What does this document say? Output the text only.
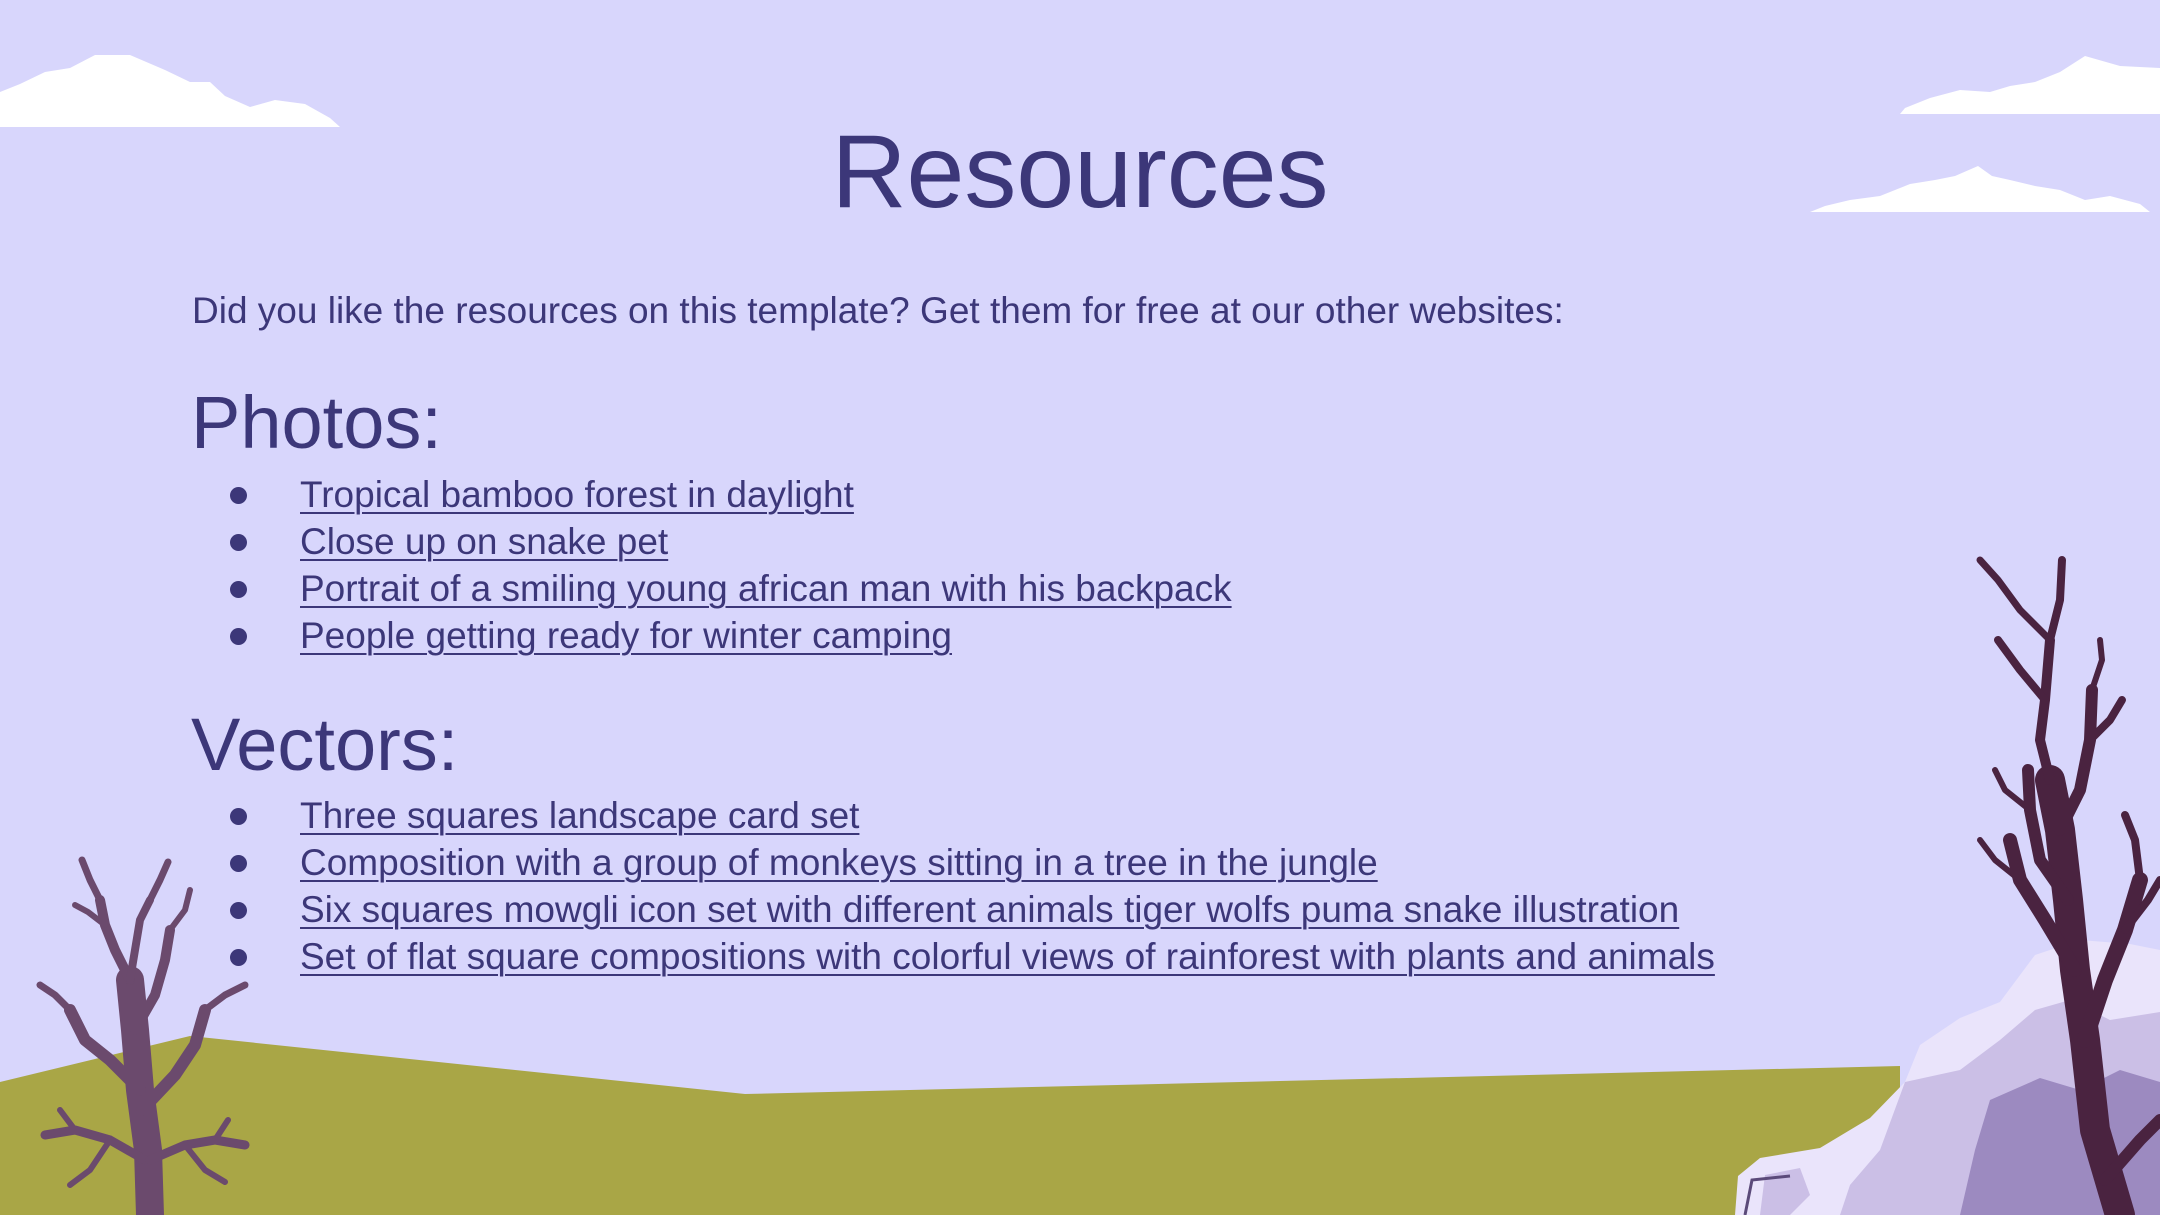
Resources

Did you like the resources on this template? Get them for free at our other websites:

Photos:
Tropical bamboo forest in daylight
Close up on snake pet
Portrait of a smiling young african man with his backpack
People getting ready for winter camping
Vectors:
Three squares landscape card set
Composition with a group of monkeys sitting in a tree in the jungle
Six squares mowgli icon set with different animals tiger wolfs puma snake illustration
Set of flat square compositions with colorful views of rainforest with plants and animals
